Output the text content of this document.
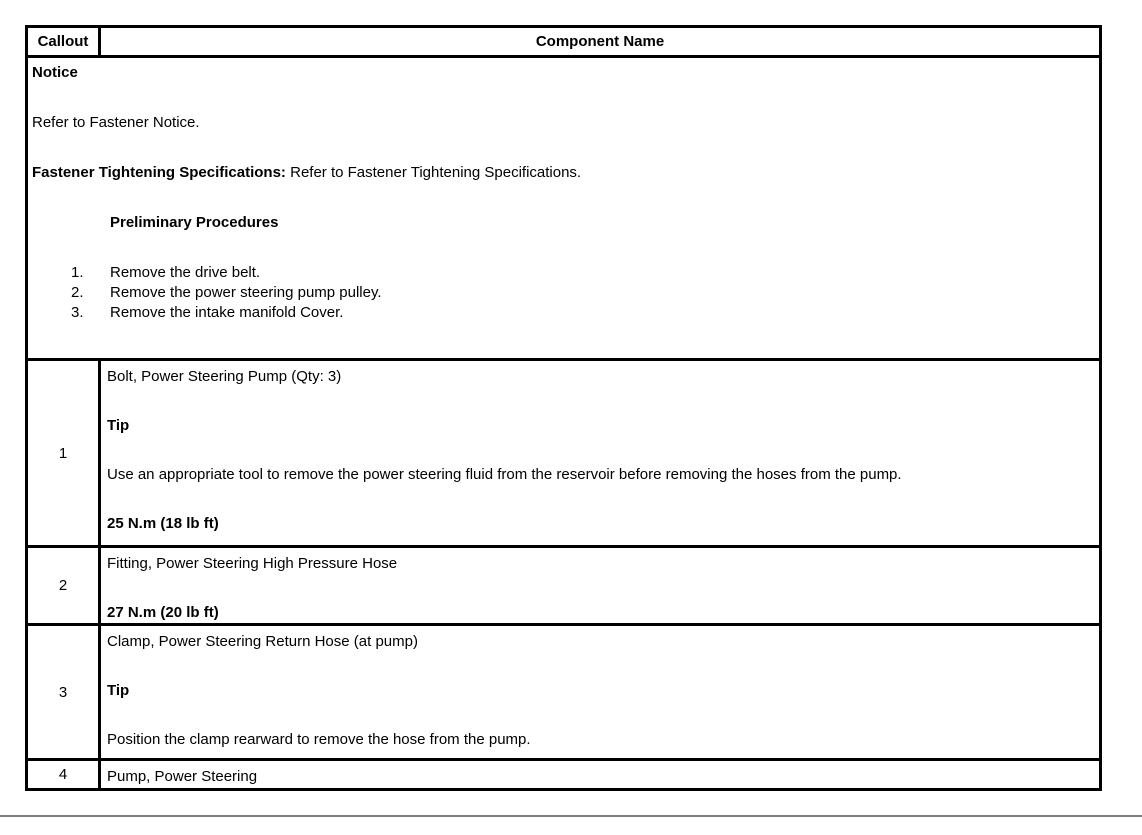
Callout	Component Name

Notice

Refer to Fastener Notice.

Fastener Tightening Specifications: Refer to Fastener Tightening Specifications.

Preliminary Procedures

1.	Remove the drive belt.
2.	Remove the power steering pump pulley.
3.	Remove the intake manifold Cover.

1	Bolt, Power Steering Pump (Qty: 3)

Tip

Use an appropriate tool to remove the power steering fluid from the reservoir before removing the hoses from the pump.

25 N.m (18 lb ft)

2	Fitting, Power Steering High Pressure Hose

27 N.m (20 lb ft)

3	Clamp, Power Steering Return Hose (at pump)

Tip

Position the clamp rearward to remove the hose from the pump.

4	Pump, Power Steering
